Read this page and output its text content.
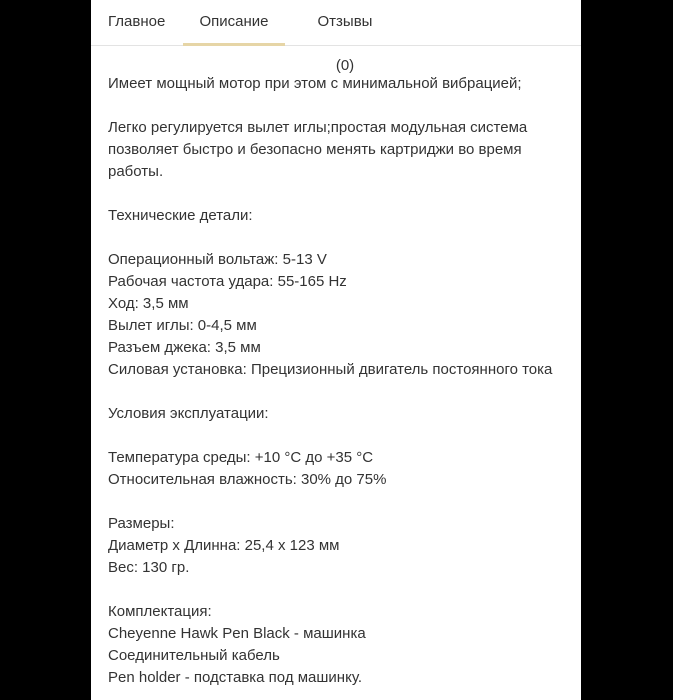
Главное	Описание	Отзывы (0)

Имеет мощный мотор при этом с минимальной вибрацией;

Легко регулируется вылет иглы;простая модульная система

позволяет быстро и безопасно менять картриджи во время

работы.

Технические детали:

Операционный вольтаж: 5-13 V

Рабочая частота удара: 55-165 Hz

Ход: 3,5 мм

Вылет иглы: 0-4,5 мм

Разъем джека: 3,5 мм

Силовая установка: Прецизионный двигатель постоянного тока

Условия эксплуатации:

Температура среды: +10 °С до +35 °С

Относительная влажность: 30% до 75%

Размеры:

Диаметр х Длинна: 25,4 х 123 мм

Вес: 130 гр.

Комплектация:

Cheyenne Hawk Pen Black - машинка

Соединительный кабель

Pen holder - подставка под машинку.
